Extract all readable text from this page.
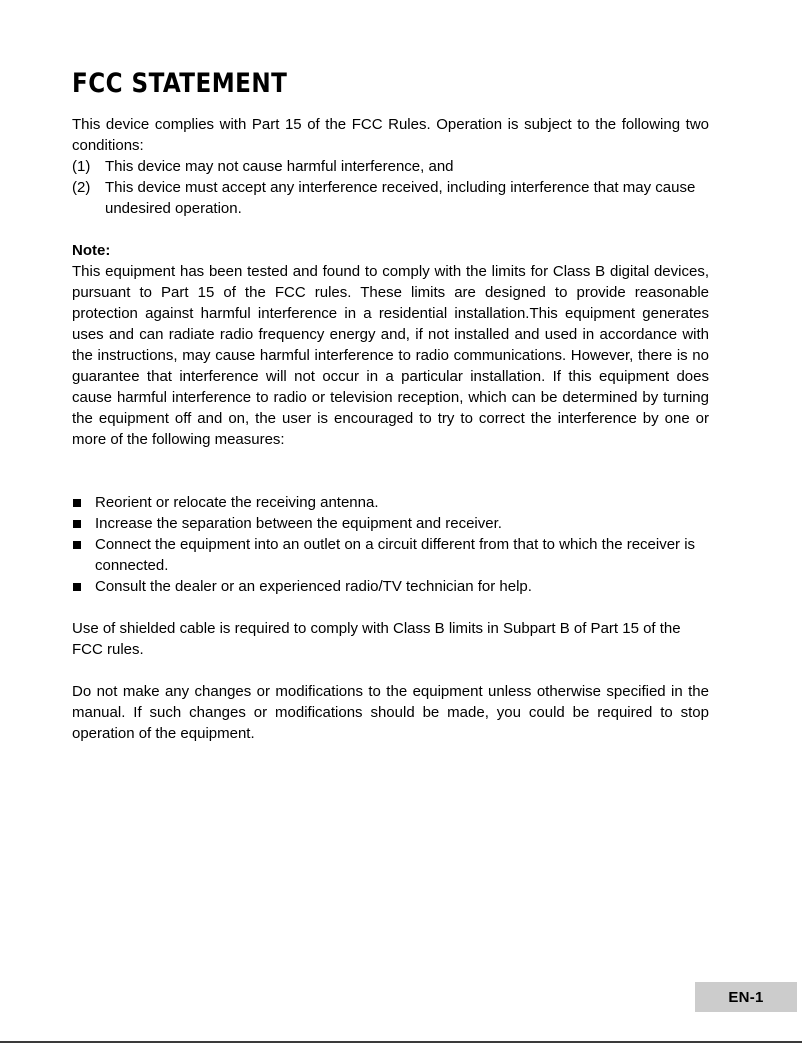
FCC STATEMENT

This device complies with Part 15 of the FCC Rules. Operation is subject to the following two conditions:

(1) This device may not cause harmful interference, and
(2) This device must accept any interference received, including interference that may cause undesired operation.

Note:

This equipment has been tested and found to comply with the limits for Class B digital devices, pursuant to Part 15 of the FCC rules. These limits are designed to provide reasonable protection against harmful interference in a residential installation.This equipment generates uses and can radiate radio frequency energy and, if not installed and used in accordance with the instructions, may cause harmful interference to radio communications. However, there is no guarantee that interference will not occur in a particular installation. If this equipment does cause harmful interference to radio or television reception, which can be determined by turning the equipment off and on, the user is encouraged to try to correct the interference by one or more of the following measures:

Reorient or relocate the receiving antenna.
Increase the separation between the equipment and receiver.
Connect the equipment into an outlet on a circuit different from that to which the receiver is connected.
Consult the dealer or an experienced radio/TV technician for help.

Use of shielded cable is required to comply with Class B limits in Subpart B of Part 15 of the FCC rules.

Do not make any changes or modifications to the equipment unless otherwise specified in the manual. If such changes or modifications should be made, you could be required to stop operation of the equipment.

EN-1
